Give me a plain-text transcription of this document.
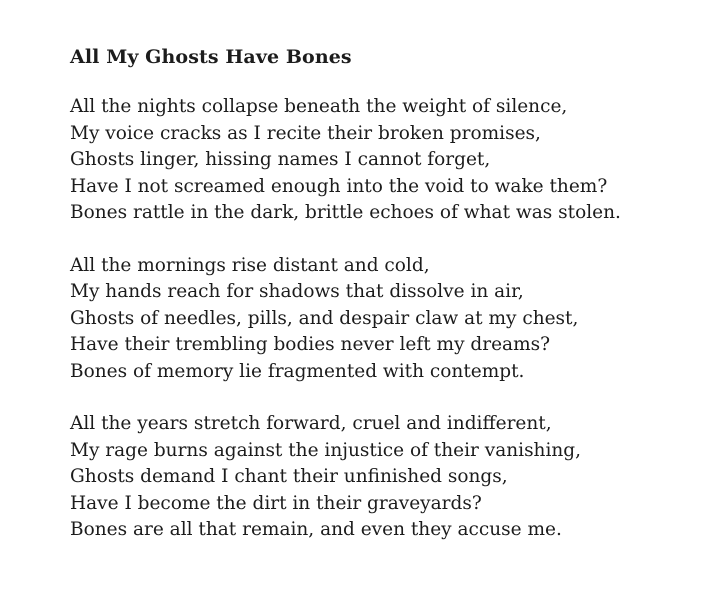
All My Ghosts Have Bones
All the nights collapse beneath the weight of silence,
My voice cracks as I recite their broken promises,
Ghosts linger, hissing names I cannot forget,
Have I not screamed enough into the void to wake them?
Bones rattle in the dark, brittle echoes of what was stolen.
All the mornings rise distant and cold,
My hands reach for shadows that dissolve in air,
Ghosts of needles, pills, and despair claw at my chest,
Have their trembling bodies never left my dreams?
Bones of memory lie fragmented with contempt.
All the years stretch forward, cruel and indifferent,
My rage burns against the injustice of their vanishing,
Ghosts demand I chant their unfinished songs,
Have I become the dirt in their graveyards?
Bones are all that remain, and even they accuse me.
